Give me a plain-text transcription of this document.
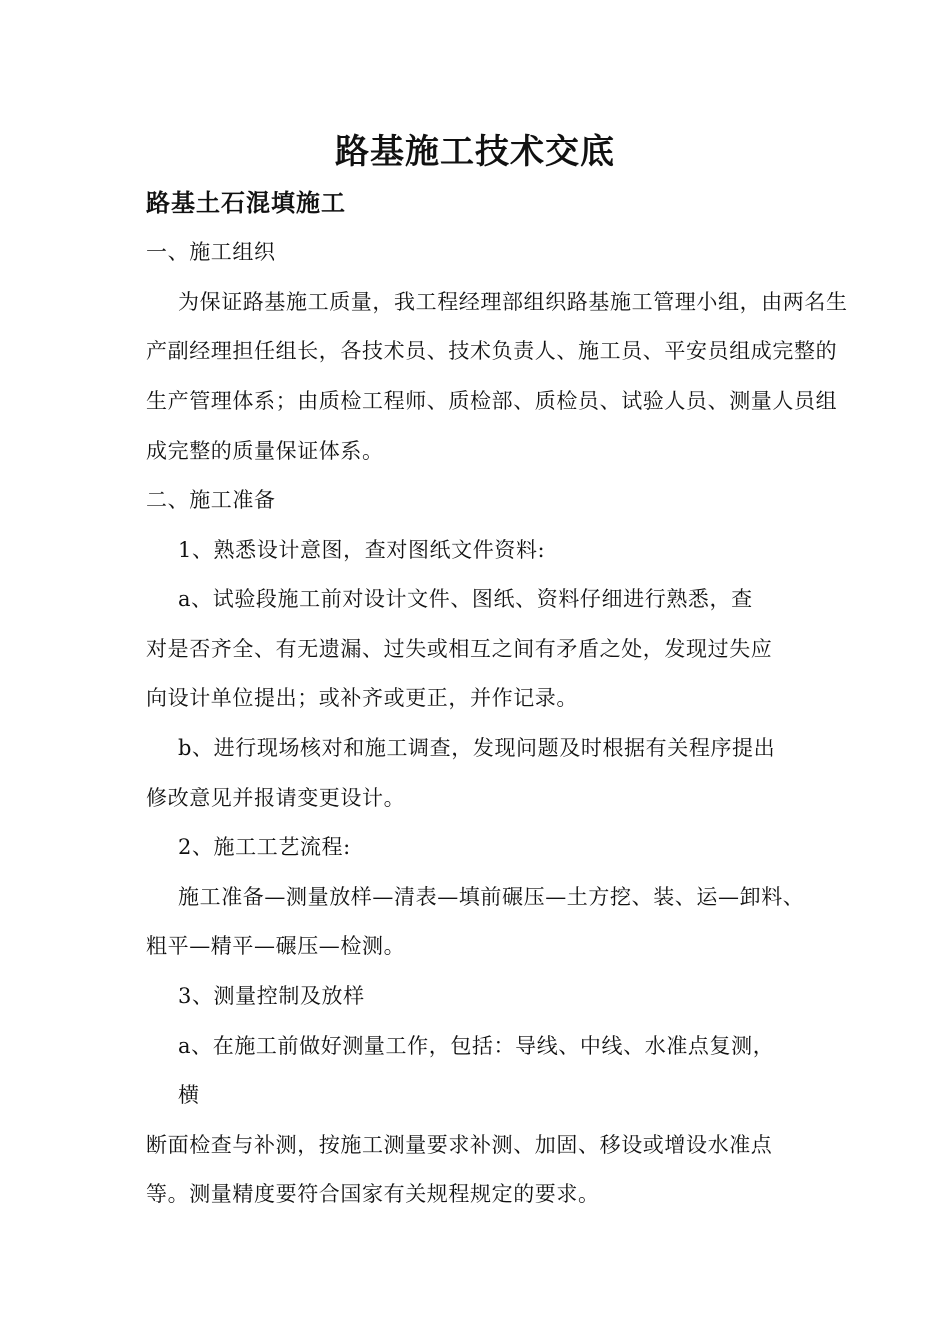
路基施工技术交底
路基土石混填施工
一、施工组织
为保证路基施工质量，我工程经理部组织路基施工管理小组，由两名生
产副经理担任组长，各技术员、技术负责人、施工员、平安员组成完整的
生产管理体系；由质检工程师、质检部、质检员、试验人员、测量人员组
成完整的质量保证体系。
二、施工准备
1、熟悉设计意图，查对图纸文件资料:
a、试验段施工前对设计文件、图纸、资料仔细进行熟悉，查
对是否齐全、有无遗漏、过失或相互之间有矛盾之处，发现过失应
向设计单位提出；或补齐或更正，并作记录。
b、进行现场核对和施工调查，发现问题及时根据有关程序提出
修改意见并报请变更设计。
2、施工工艺流程:
施工准备—测量放样—清表—填前碾压—土方挖、装、运—卸料、
粗平—精平—碾压—检测。
3、测量控制及放样
a、在施工前做好测量工作，包括：导线、中线、水准点复测，
横
断面检查与补测，按施工测量要求补测、加固、移设或增设水准点
等。测量精度要符合国家有关规程规定的要求。
